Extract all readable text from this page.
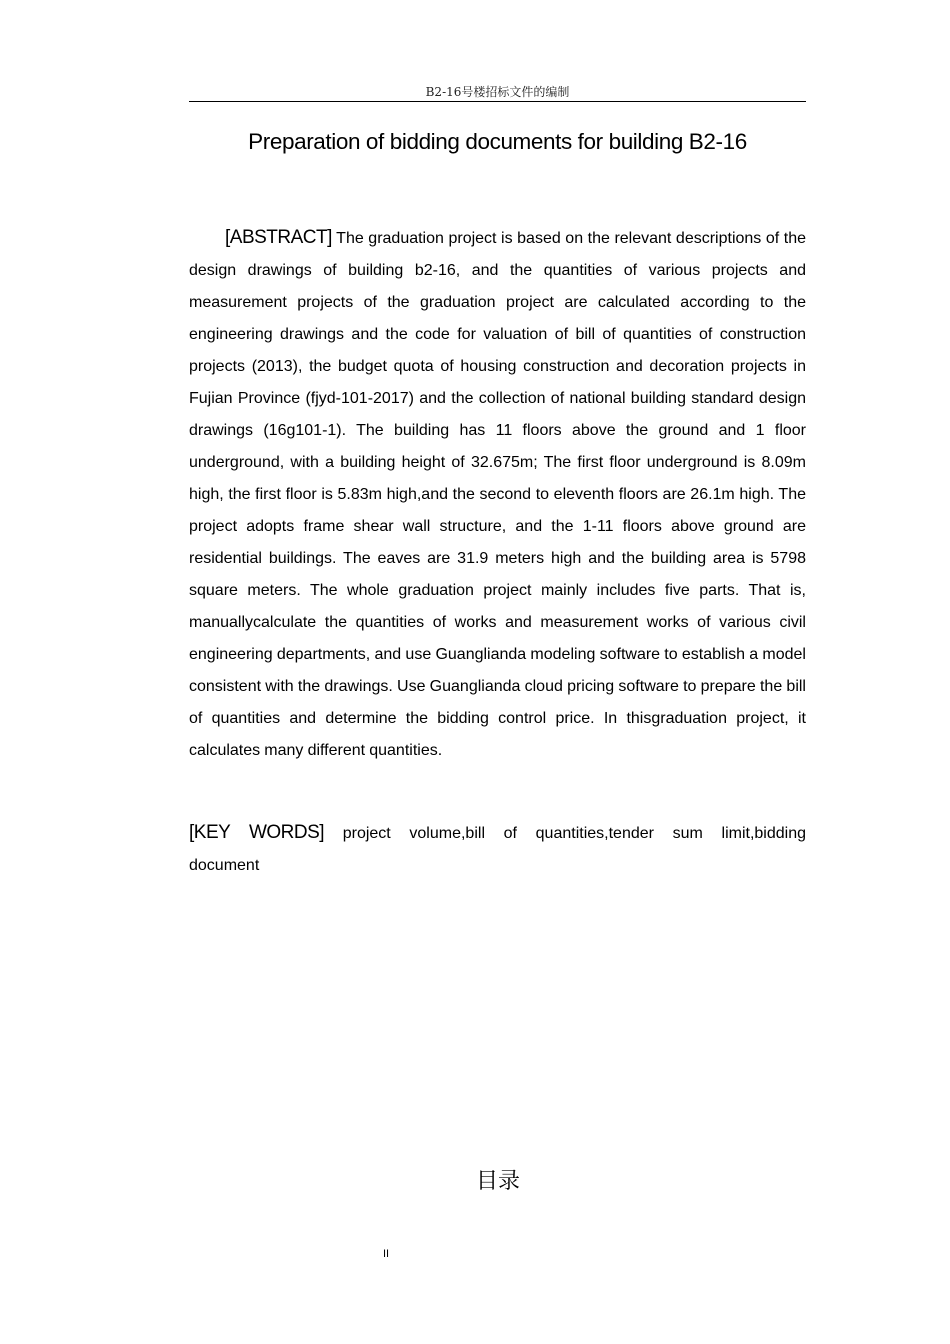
B2-16号楼招标文件的编制
Preparation of bidding documents for building B2-16

[ABSTRACT] The graduation project is based on the relevant descriptions of the design drawings of building b2-16, and the quantities of various projects and measurement projects of the graduation project are calculated according to the engineering drawings and the code for valuation of bill of quantities of construction projects (2013), the budget quota of housing construction and decoration projects in Fujian Province (fjyd-101-2017) and the collection of national building standard design drawings (16g101-1). The building has 11 floors above the ground and 1 floor underground, with a building height of 32.675m; The first floor underground is 8.09m high, the first floor is 5.83m high,and the second to eleventh floors are 26.1m high. The project adopts frame shear wall structure, and the 1-11 floors above ground are residential buildings. The eaves are 31.9 meters high and the building area is 5798 square meters. The whole graduation project mainly includes five parts. That is, manuallycalculate the quantities of works and measurement works of various civil engineering departments, and use Guanglianda modeling software to establish a model consistent with the drawings. Use Guanglianda cloud pricing software to prepare the bill of quantities and determine the bidding control price. In thisgraduation project, it calculates many different quantities.

[KEY WORDS] project volume,bill of quantities,tender sum limit,bidding
document

目录
II
